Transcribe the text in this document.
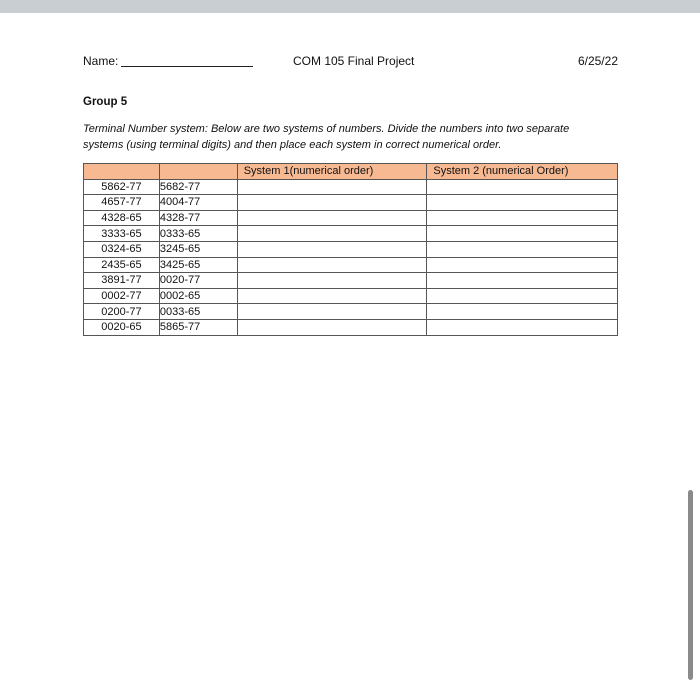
Name:	COM 105 Final Project	6/25/22
Group 5
Terminal Number system: Below are two systems of numbers. Divide the numbers into two separate
systems (using terminal digits) and then place each system in correct numerical order.
		System 1(numerical order)	System 2 (numerical Order)
5862-77	5682-77		
4657-77	4004-77		
4328-65	4328-77		
3333-65	0333-65		
0324-65	3245-65		
2435-65	3425-65		
3891-77	0020-77		
0002-77	0002-65		
0200-77	0033-65		
0020-65	5865-77		
